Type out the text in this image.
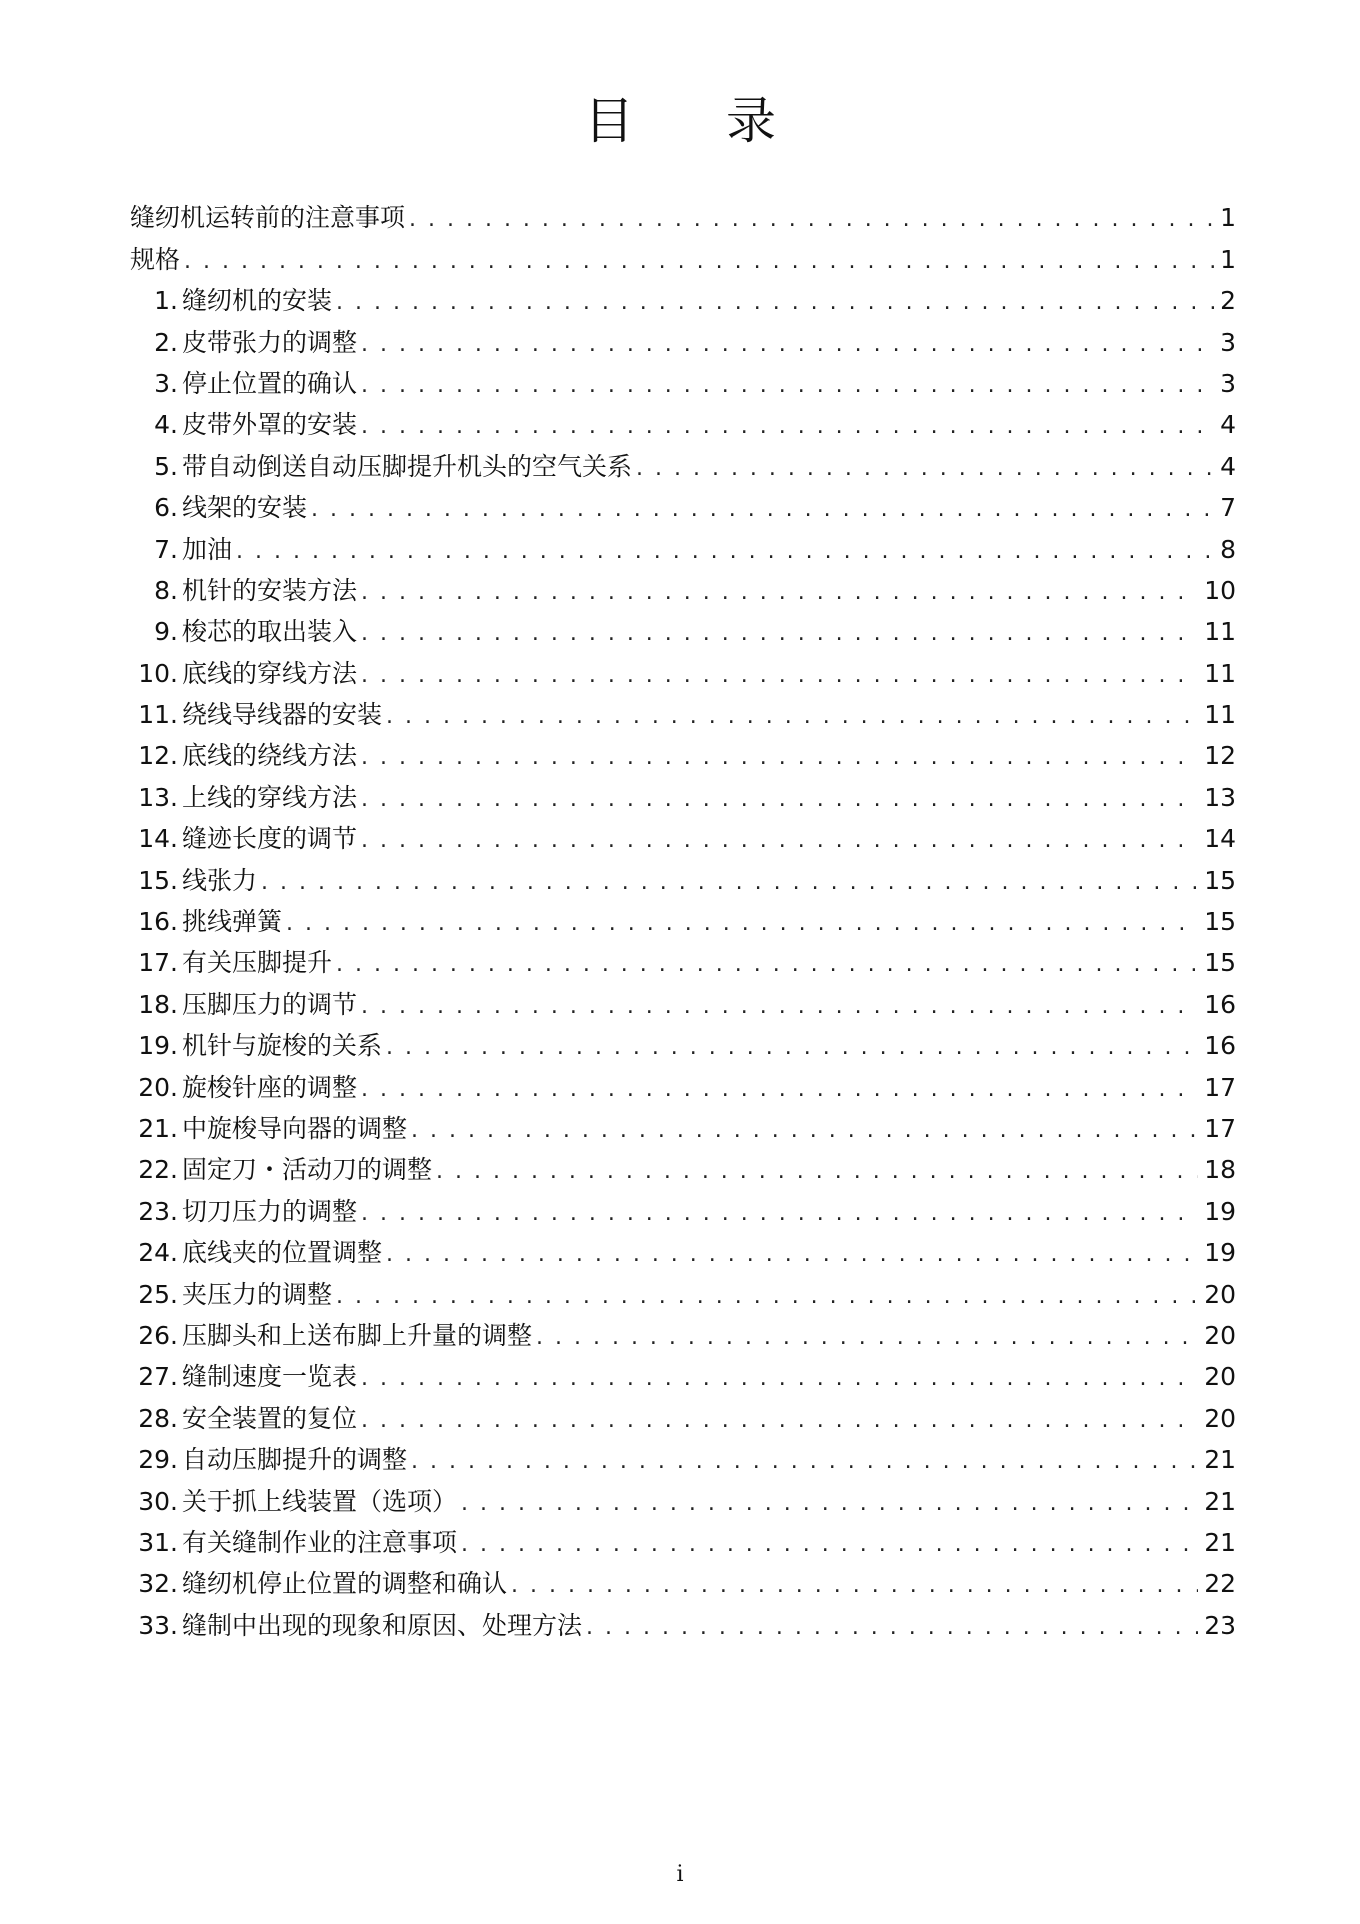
目 录
缝纫机运转前的注意事项 . . .	1
规格 . . .	1
1. 缝纫机的安装 . . .	2
2. 皮带张力的调整 . . .	3
3. 停止位置的确认 . . .	3
4. 皮带外罩的安装 . . .	4
5. 带自动倒送自动压脚提升机头的空气关系 . . .	4
6. 线架的安装 . . .	7
7. 加油 . . .	8
8. 机针的安装方法 . . .	10
9. 梭芯的取出装入 . . .	11
10. 底线的穿线方法 . . .	11
11. 绕线导线器的安装 . . .	11
12. 底线的绕线方法 . . .	12
13. 上线的穿线方法 . . .	13
14. 缝迹长度的调节 . . .	14
15. 线张力 . . .	15
16. 挑线弹簧 . . .	15
17. 有关压脚提升 . . .	15
18. 压脚压力的调节 . . .	16
19. 机针与旋梭的关系 . . .	16
20. 旋梭针座的调整 . . .	17
21. 中旋梭导向器的调整 . . .	17
22. 固定刀・活动刀的调整 . . .	18
23. 切刀压力的调整 . . .	19
24. 底线夹的位置调整 . . .	19
25. 夹压力的调整 . . .	20
26. 压脚头和上送布脚上升量的调整 . . .	20
27. 缝制速度一览表 . . .	20
28. 安全装置的复位 . . .	20
29. 自动压脚提升的调整 . . .	21
30. 关于抓上线装置（选项） . . .	21
31. 有关缝制作业的注意事项 . . .	21
32. 缝纫机停止位置的调整和确认 . . .	22
33. 缝制中出现的现象和原因、处理方法 . . .	23
i
